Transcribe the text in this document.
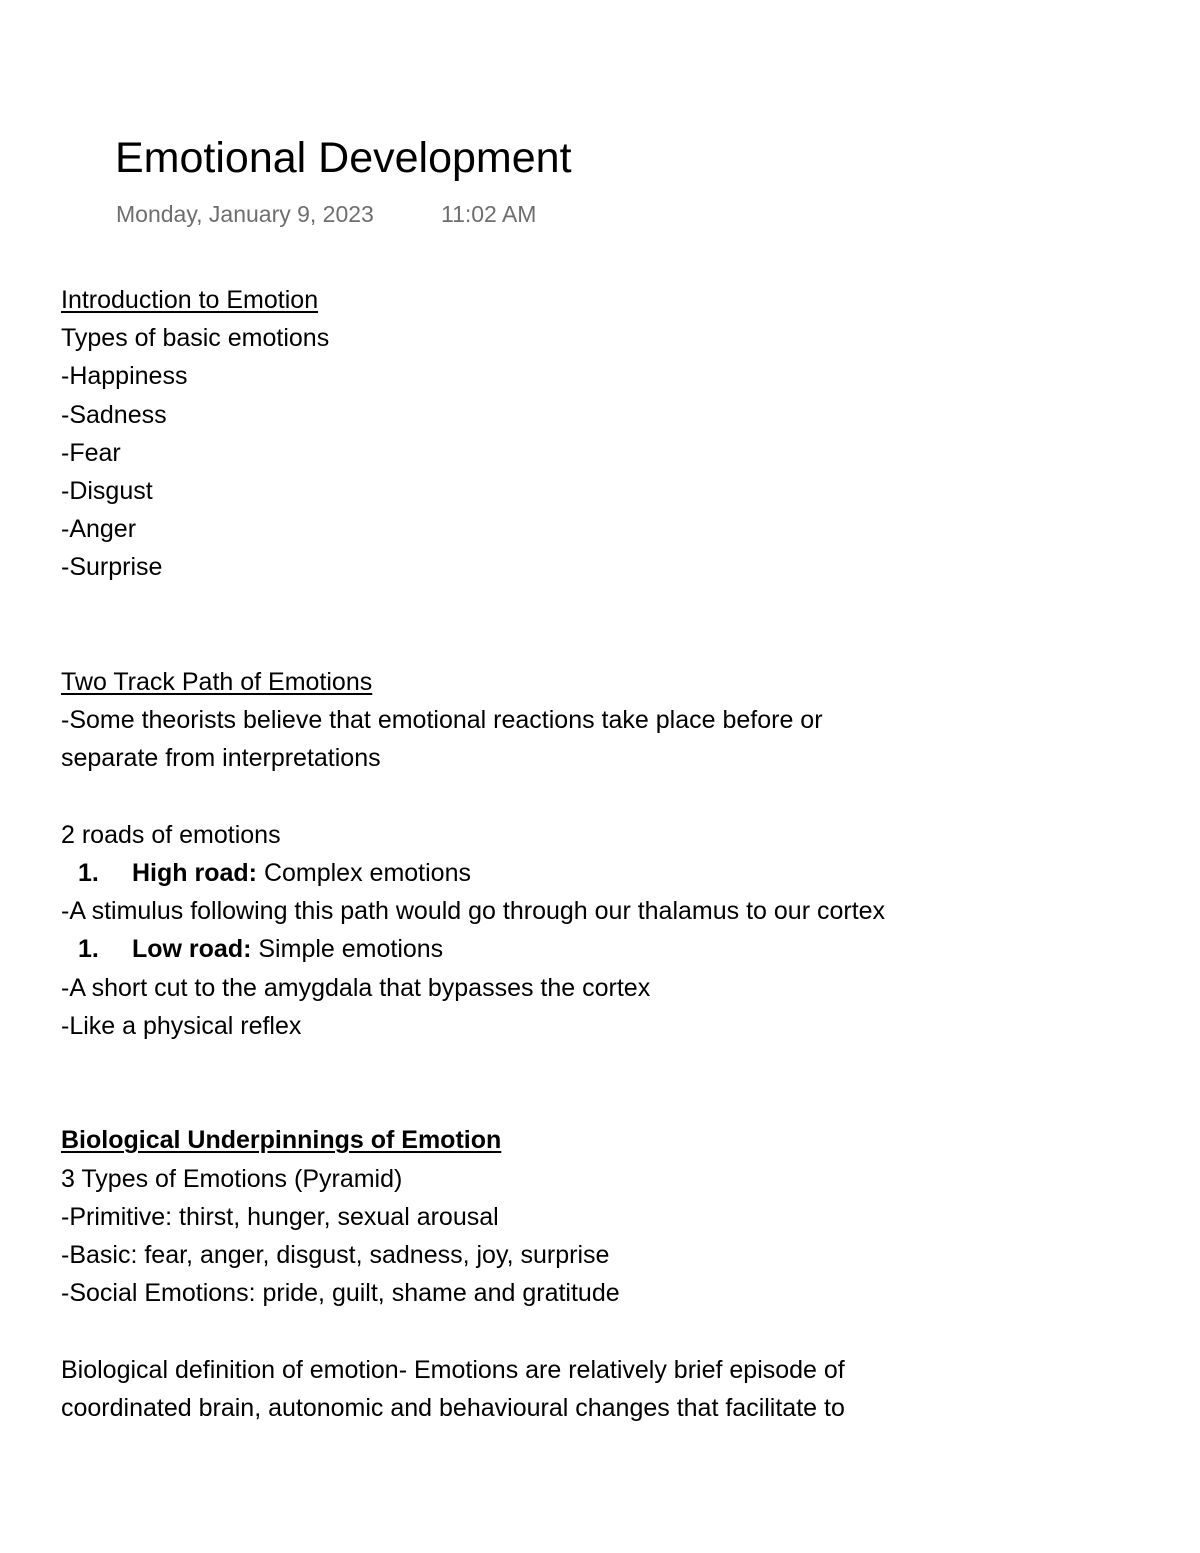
Emotional Development
Monday, January 9, 2023	11:02 AM
Introduction to Emotion
Types of basic emotions
-Happiness
-Sadness
-Fear
-Disgust
-Anger
-Surprise
Two Track Path of Emotions
-Some theorists believe that emotional reactions take place before or
separate from interpretations
2 roads of emotions
1. High road: Complex emotions
-A stimulus following this path would go through our thalamus to our cortex
1. Low road: Simple emotions
-A short cut to the amygdala that bypasses the cortex
-Like a physical reflex
Biological Underpinnings of Emotion
3 Types of Emotions (Pyramid)
-Primitive: thirst, hunger, sexual arousal
-Basic: fear, anger, disgust, sadness, joy, surprise
-Social Emotions: pride, guilt, shame and gratitude
Biological definition of emotion- Emotions are relatively brief episode of
coordinated brain, autonomic and behavioural changes that facilitate to
